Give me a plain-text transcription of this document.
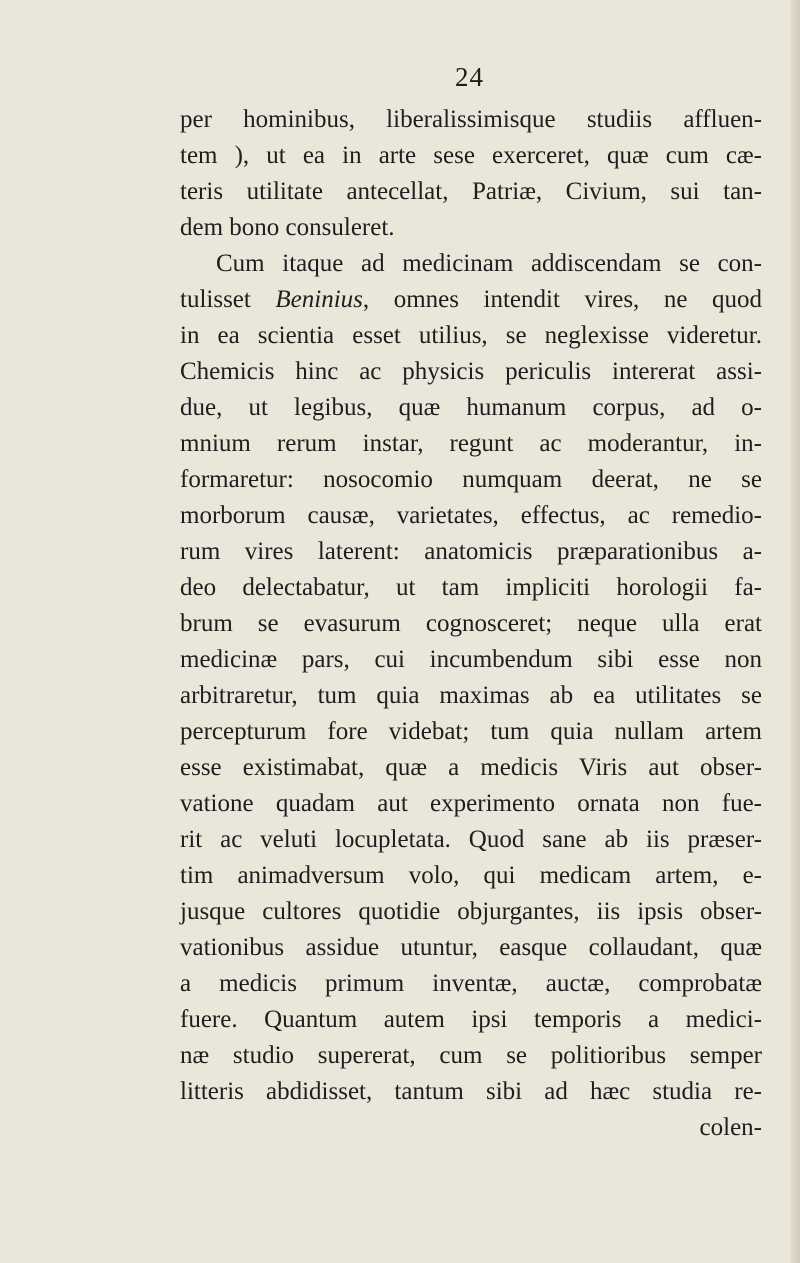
24
per hominibus, liberalissimisque studiis affluen-
tem ), ut ea in arte sese exerceret, quæ cum cæ-
teris utilitate antecellat, Patriæ, Civium, sui tan-
dem bono consuleret.
Cum itaque ad medicinam addiscendam se con-
tulisset Beninius, omnes intendit vires, ne quod
in ea scientia esset utilius, se neglexisse videretur.
Chemicis hinc ac physicis periculis intererat assi-
due, ut legibus, quæ humanum corpus, ad o-
mnium rerum instar, regunt ac moderantur, in-
formaretur: nosocomio numquam deerat, ne se
morborum causæ, varietates, effectus, ac remedio-
rum vires laterent: anatomicis præparationibus a-
deo delectabatur, ut tam impliciti horologii fa-
brum se evasurum cognosceret; neque ulla erat
medicinæ pars, cui incumbendum sibi esse non
arbitraretur, tum quia maximas ab ea utilitates se
percepturum fore videbat; tum quia nullam artem
esse existimabat, quæ a medicis Viris aut obser-
vatione quadam aut experimento ornata non fue-
rit ac veluti locupletata. Quod sane ab iis præser-
tim animadversum volo, qui medicam artem, e-
jusque cultores quotidie objurgantes, iis ipsis obser-
vationibus assidue utuntur, easque collaudant, quæ
a medicis primum inventæ, auctæ, comprobatæ
fuere. Quantum autem ipsi temporis a medici-
næ studio supererat, cum se politioribus semper
litteris abdidisset, tantum sibi ad hæc studia re-
colen-
